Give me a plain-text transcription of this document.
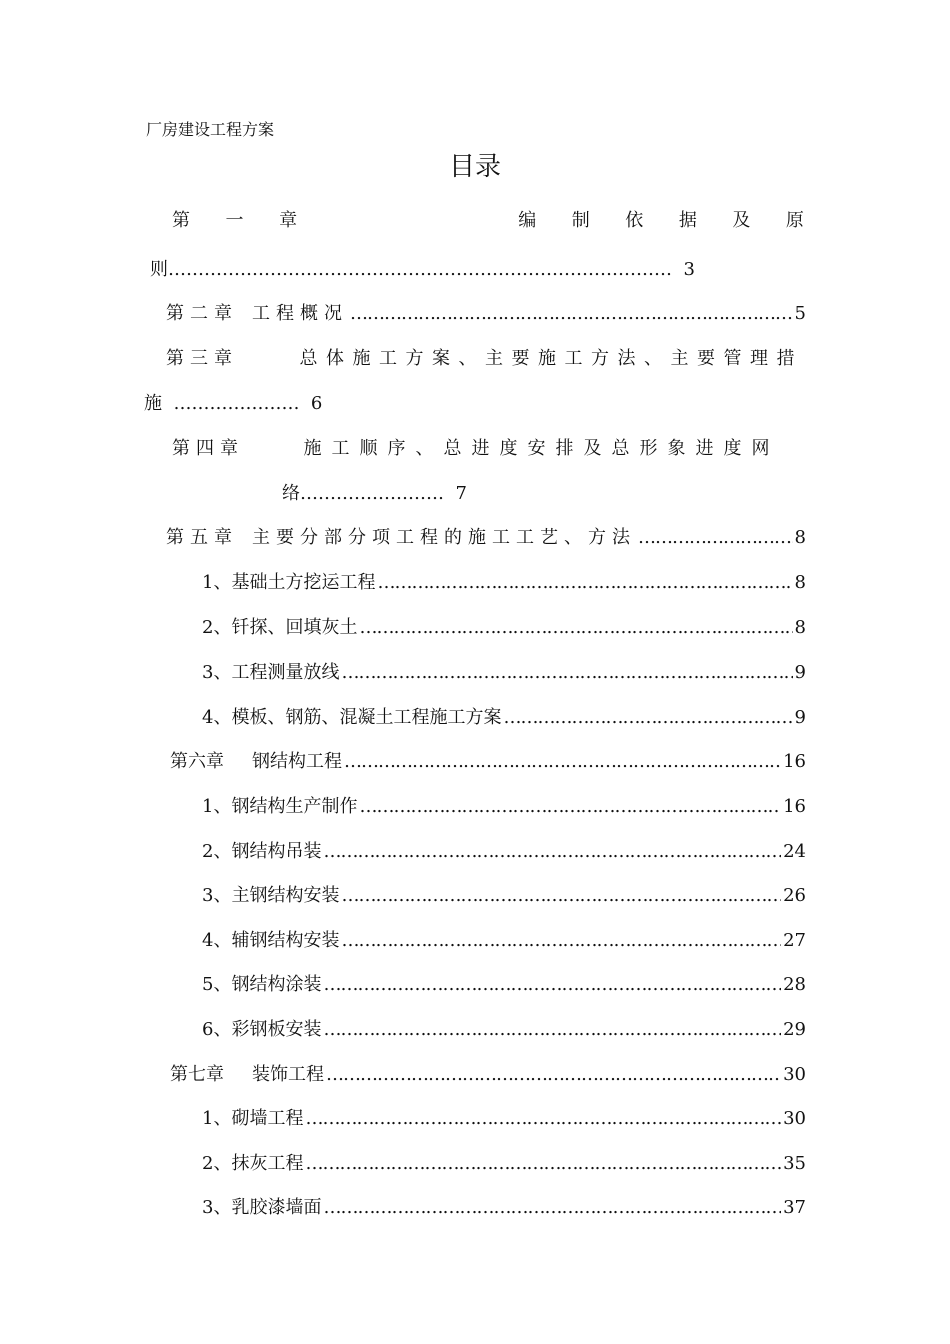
厂房建设工程方案
目录
第 一 章	编 制 依 据 及 原
则………………………………………………………………………… 3
第二章 工程概况 …………………………………………………………………………………………………………………………………………………………………………………………………………	5
第三章	总体施工方案、主要施工方法、主要管理措
施 ………………… 6
第四章	施工顺序、总进度安排及总形象进度网
络…………………… 7
第五章 主要分部分项工程的施工工艺、方法 …………………………………………………………………………………………………………………………………………………………………………………………………………	8
1、基础土方挖运工程 …………………………………………………………………………………………………………………………………………………………………………………………………………	8
2、钎探、回填灰土 …………………………………………………………………………………………………………………………………………………………………………………………………………	8
3、工程测量放线 …………………………………………………………………………………………………………………………………………………………………………………………………………	9
4、模板、钢筋、混凝土工程施工方案 …………………………………………………………………………………………………………………………………………………………………………………………………………	9
第六章 钢结构工程 …………………………………………………………………………………………………………………………………………………………………………………………………………	16
1、钢结构生产制作 …………………………………………………………………………………………………………………………………………………………………………………………………………	16
2、钢结构吊装 …………………………………………………………………………………………………………………………………………………………………………………………………………	24
3、主钢结构安装 …………………………………………………………………………………………………………………………………………………………………………………………………………	26
4、辅钢结构安装 …………………………………………………………………………………………………………………………………………………………………………………………………………	27
5、钢结构涂装 …………………………………………………………………………………………………………………………………………………………………………………………………………	28
6、彩钢板安装 …………………………………………………………………………………………………………………………………………………………………………………………………………	29
第七章 装饰工程 …………………………………………………………………………………………………………………………………………………………………………………………………………	30
1、砌墙工程 …………………………………………………………………………………………………………………………………………………………………………………………………………	30
2、抹灰工程 …………………………………………………………………………………………………………………………………………………………………………………………………………	35
3、乳胶漆墙面 …………………………………………………………………………………………………………………………………………………………………………………………………………	37
